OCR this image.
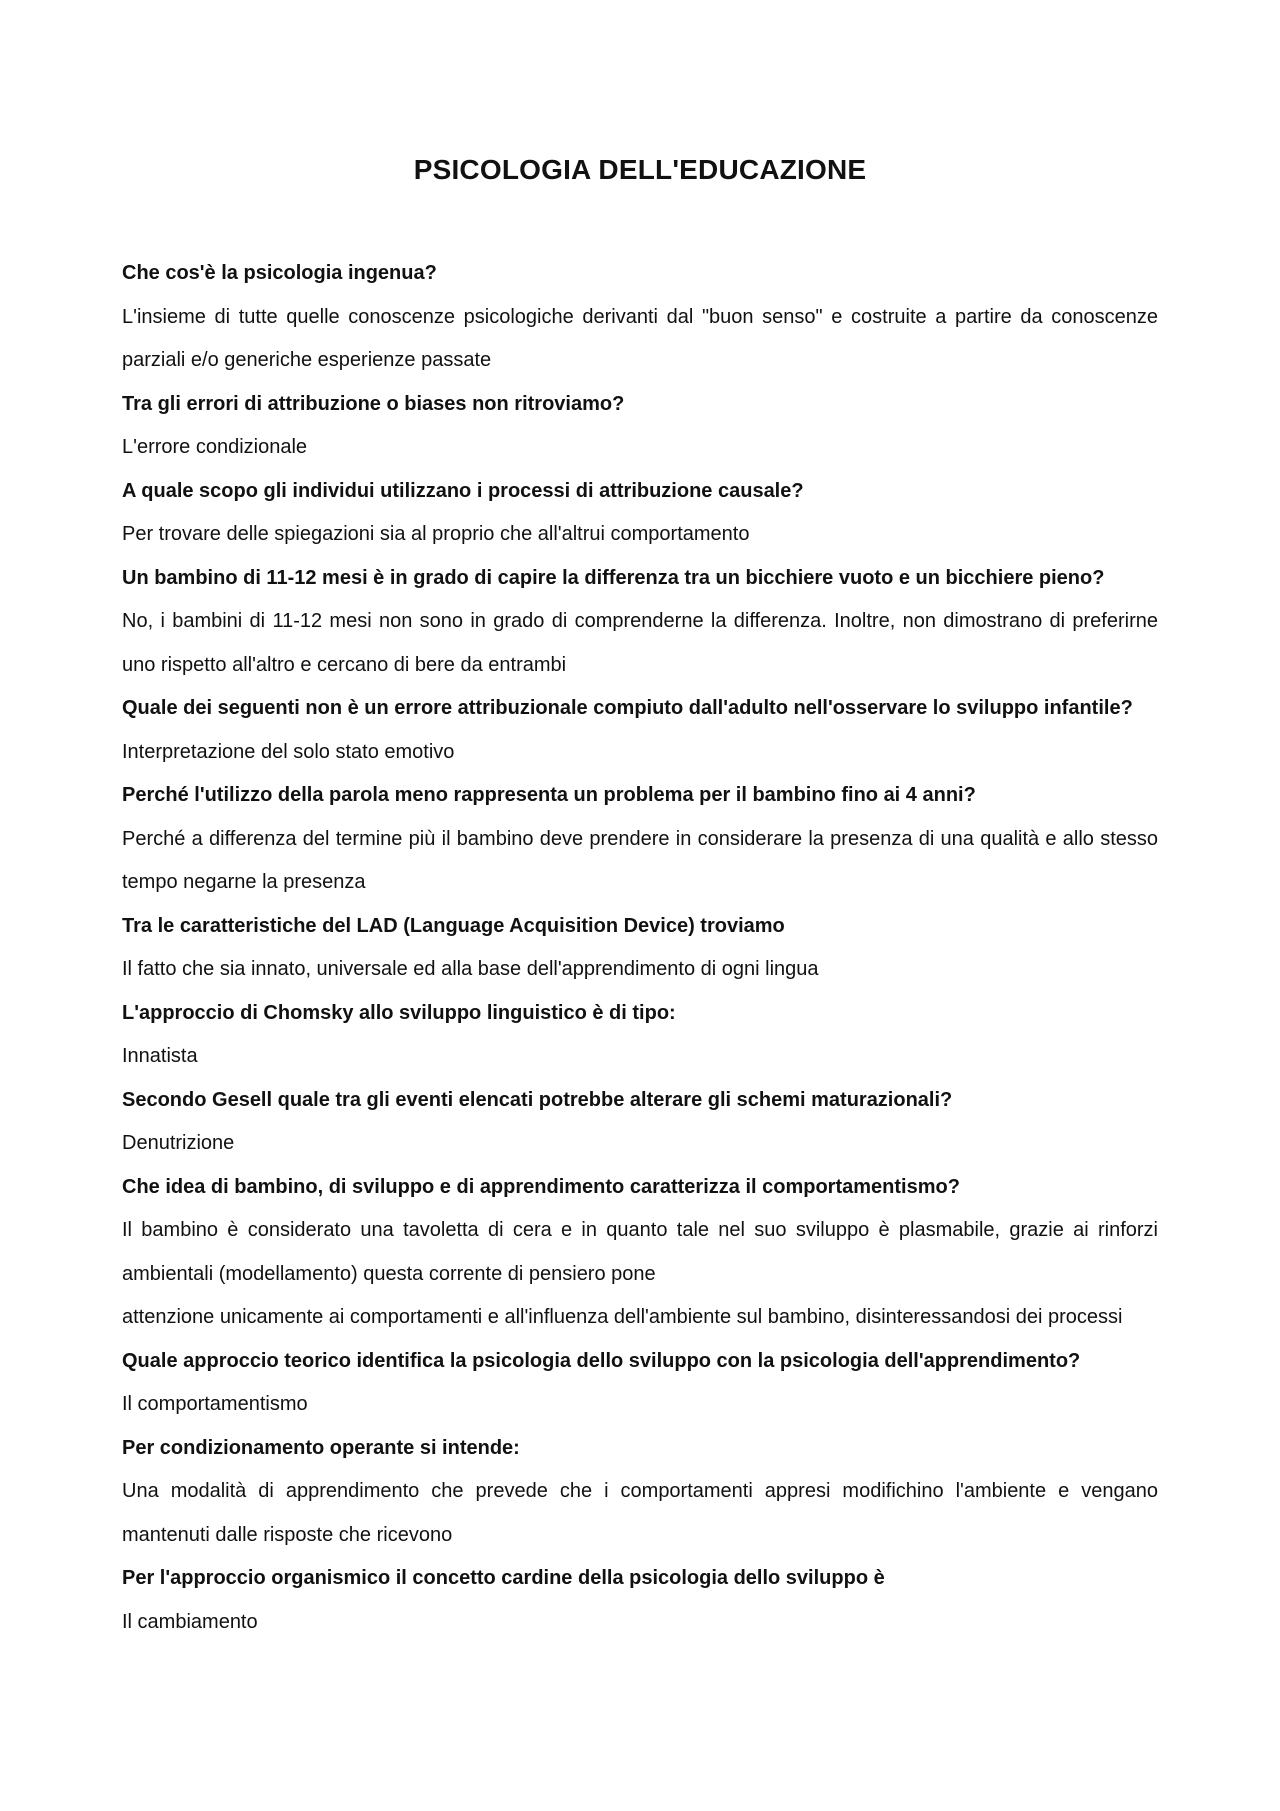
PSICOLOGIA DELL'EDUCAZIONE

Che cos'è la psicologia ingenua?

L'insieme di tutte quelle conoscenze psicologiche derivanti dal "buon senso" e costruite a partire da conoscenze parziali e/o generiche esperienze passate

Tra gli errori di attribuzione o biases non ritroviamo?

L'errore condizionale

A quale scopo gli individui utilizzano i processi di attribuzione causale?

Per trovare delle spiegazioni sia al proprio che all'altrui comportamento

Un bambino di 11-12 mesi è in grado di capire la differenza tra un bicchiere vuoto e un bicchiere pieno?

No, i bambini di 11-12 mesi non sono in grado di comprenderne la differenza. Inoltre, non dimostrano di preferirne uno rispetto all'altro e cercano di bere da entrambi

Quale dei seguenti non è un errore attribuzionale compiuto dall'adulto nell'osservare lo sviluppo infantile?

Interpretazione del solo stato emotivo

Perché l'utilizzo della parola meno rappresenta un problema per il bambino fino ai 4 anni?

Perché a differenza del termine più il bambino deve prendere in considerare la presenza di una qualità e allo stesso tempo negarne la presenza

Tra le caratteristiche del LAD (Language Acquisition Device) troviamo

Il fatto che sia innato, universale ed alla base dell'apprendimento di ogni lingua

L'approccio di Chomsky allo sviluppo linguistico è di tipo:

Innatista

Secondo Gesell quale tra gli eventi elencati potrebbe alterare gli schemi maturazionali?

Denutrizione

Che idea di bambino, di sviluppo e di apprendimento caratterizza il comportamentismo?

Il bambino è considerato una tavoletta di cera e in quanto tale nel suo sviluppo è plasmabile, grazie ai rinforzi ambientali (modellamento) questa corrente di pensiero pone

attenzione unicamente ai comportamenti e all'influenza dell'ambiente sul bambino, disinteressandosi dei processi

Quale approccio teorico identifica la psicologia dello sviluppo con la psicologia dell'apprendimento?

Il comportamentismo

Per condizionamento operante si intende:

Una modalità di apprendimento che prevede che i comportamenti appresi modifichino l'ambiente e vengano mantenuti dalle risposte che ricevono

Per l'approccio organismico il concetto cardine della psicologia dello sviluppo è

Il cambiamento
